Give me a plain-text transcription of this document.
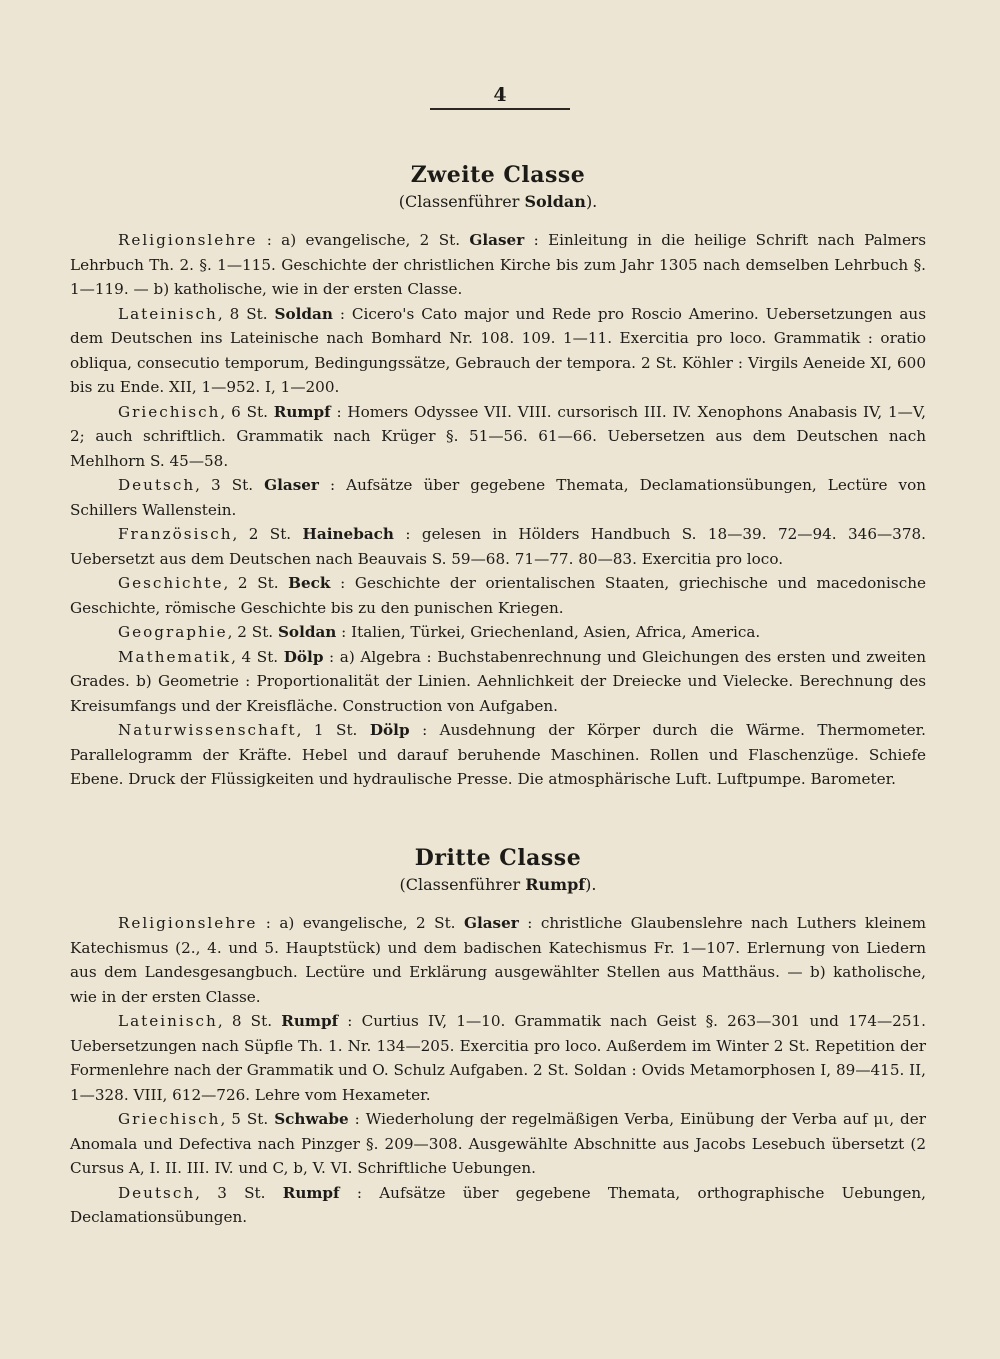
4
Zweite Classe
(Classenführer Soldan).

Religionslehre : a) evangelische, 2 St. Glaser : Einleitung in die heilige Schrift nach Palmers Lehrbuch Th. 2. §. 1—115. Geschichte der christlichen Kirche bis zum Jahr 1305 nach demselben Lehrbuch §. 1—119. — b) katholische, wie in der ersten Classe.

Lateinisch, 8 St. Soldan : Cicero's Cato major und Rede pro Roscio Amerino. Uebersetzungen aus dem Deutschen ins Lateinische nach Bomhard Nr. 108. 109. 1—11. Exercitia pro loco. Grammatik : oratio obliqua, consecutio temporum, Bedingungssätze, Gebrauch der tempora. 2 St. Köhler : Virgils Aeneide XI, 600 bis zu Ende. XII, 1—952. I, 1—200.

Griechisch, 6 St. Rumpf : Homers Odyssee VII. VIII. cursorisch III. IV. Xenophons Anabasis IV, 1—V, 2; auch schriftlich. Grammatik nach Krüger §. 51—56. 61—66. Uebersetzen aus dem Deutschen nach Mehlhorn S. 45—58.

Deutsch, 3 St. Glaser : Aufsätze über gegebene Themata, Declamationsübungen, Lectüre von Schillers Wallenstein.

Französisch, 2 St. Hainebach : gelesen in Hölders Handbuch S. 18—39. 72—94. 346—378. Uebersetzt aus dem Deutschen nach Beauvais S. 59—68. 71—77. 80—83. Exercitia pro loco.

Geschichte, 2 St. Beck : Geschichte der orientalischen Staaten, griechische und macedonische Geschichte, römische Geschichte bis zu den punischen Kriegen.

Geographie, 2 St. Soldan : Italien, Türkei, Griechenland, Asien, Africa, America.

Mathematik, 4 St. Dölp : a) Algebra : Buchstabenrechnung und Gleichungen des ersten und zweiten Grades. b) Geometrie : Proportionalität der Linien. Aehnlichkeit der Dreiecke und Vielecke. Berechnung des Kreisumfangs und der Kreisfläche. Construction von Aufgaben.

Naturwissenschaft, 1 St. Dölp : Ausdehnung der Körper durch die Wärme. Thermometer. Parallelogramm der Kräfte. Hebel und darauf beruhende Maschinen. Rollen und Flaschenzüge. Schiefe Ebene. Druck der Flüssigkeiten und hydraulische Presse. Die atmosphärische Luft. Luftpumpe. Barometer.

Dritte Classe
(Classenführer Rumpf).

Religionslehre : a) evangelische, 2 St. Glaser : christliche Glaubenslehre nach Luthers kleinem Katechismus (2., 4. und 5. Hauptstück) und dem badischen Katechismus Fr. 1—107. Erlernung von Liedern aus dem Landesgesangbuch. Lectüre und Erklärung ausgewählter Stellen aus Matthäus. — b) katholische, wie in der ersten Classe.

Lateinisch, 8 St. Rumpf : Curtius IV, 1—10. Grammatik nach Geist §. 263—301 und 174—251. Uebersetzungen nach Süpfle Th. 1. Nr. 134—205. Exercitia pro loco. Außerdem im Winter 2 St. Repetition der Formenlehre nach der Grammatik und O. Schulz Aufgaben. 2 St. Soldan : Ovids Metamorphosen I, 89—415. II, 1—328. VIII, 612—726. Lehre vom Hexameter.

Griechisch, 5 St. Schwabe : Wiederholung der regelmäßigen Verba, Einübung der Verba auf μι, der Anomala und Defectiva nach Pinzger §. 209—308. Ausgewählte Abschnitte aus Jacobs Lesebuch übersetzt (2 Cursus A, I. II. III. IV. und C, b, V. VI. Schriftliche Uebungen.

Deutsch, 3 St. Rumpf : Aufsätze über gegebene Themata, orthographische Uebungen, Declamationsübungen.
